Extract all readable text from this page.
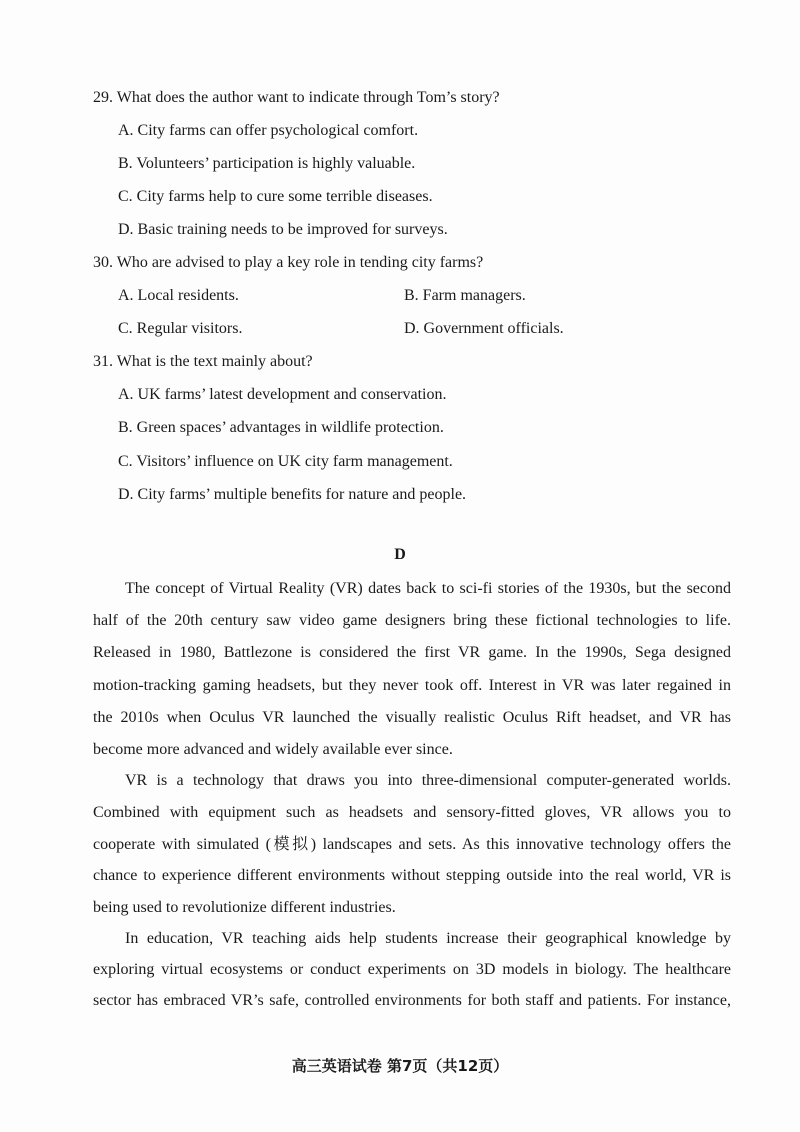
29. What does the author want to indicate through Tom’s story?
A. City farms can offer psychological comfort.
B. Volunteers’ participation is highly valuable.
C. City farms help to cure some terrible diseases.
D. Basic training needs to be improved for surveys.
30. Who are advised to play a key role in tending city farms?
A. Local residents.	B. Farm managers.
C. Regular visitors.	D. Government officials.
31. What is the text mainly about?
A. UK farms’ latest development and conservation.
B. Green spaces’ advantages in wildlife protection.
C. Visitors’ influence on UK city farm management.
D. City farms’ multiple benefits for nature and people.
D
The concept of Virtual Reality (VR) dates back to sci-fi stories of the 1930s, but the second
half of the 20th century saw video game designers bring these fictional technologies to life.
Released in 1980, Battlezone is considered the first VR game. In the 1990s, Sega designed
motion-tracking gaming headsets, but they never took off. Interest in VR was later regained in
the 2010s when Oculus VR launched the visually realistic Oculus Rift headset, and VR has
become more advanced and widely available ever since.
VR is a technology that draws you into three-dimensional computer-generated worlds.
Combined with equipment such as headsets and sensory-fitted gloves, VR allows you to
cooperate with simulated (模拟) landscapes and sets. As this innovative technology offers the
chance to experience different environments without stepping outside into the real world, VR is
being used to revolutionize different industries.
In education, VR teaching aids help students increase their geographical knowledge by
exploring virtual ecosystems or conduct experiments on 3D models in biology. The healthcare
sector has embraced VR’s safe, controlled environments for both staff and patients. For instance,
高三英语试卷 第7页（共12页）
